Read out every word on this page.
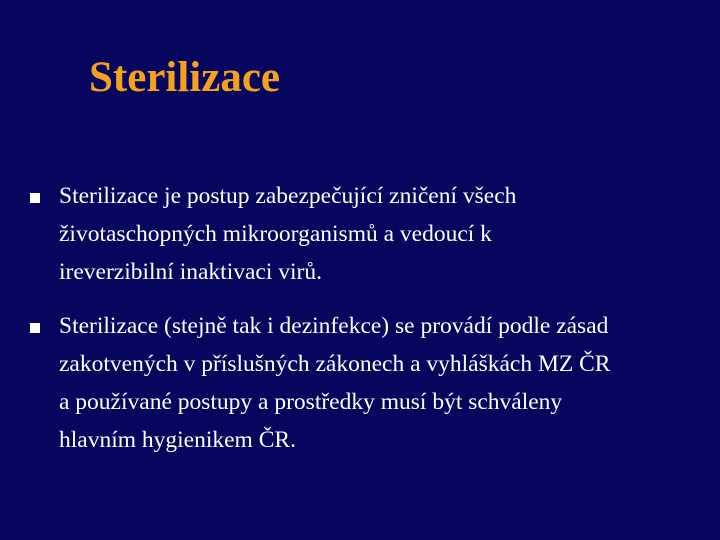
Sterilizace
Sterilizace je postup zabezpečující zničení všech
životaschopných mikroorganismů a vedoucí k
ireverzibilní inaktivaci virů.
Sterilizace (stejně tak i dezinfekce) se provádí podle zásad
zakotvených v příslušných zákonech a vyhláškách MZ ČR
a používané postupy a prostředky musí být schváleny
hlavním hygienikem ČR.
